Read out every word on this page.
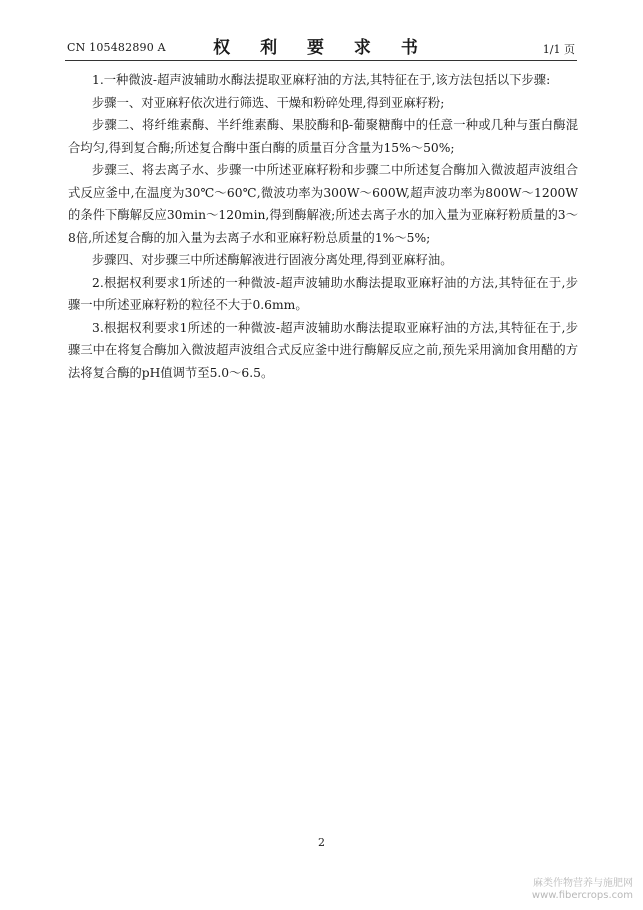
CN 105482890 A	权 利 要 求 书	1/1 页

1.一种微波-超声波辅助水酶法提取亚麻籽油的方法,其特征在于,该方法包括以下步骤:

步骤一、对亚麻籽依次进行筛选、干燥和粉碎处理,得到亚麻籽粉;

步骤二、将纤维素酶、半纤维素酶、果胶酶和β-葡聚糖酶中的任意一种或几种与蛋白酶混合均匀,得到复合酶;所述复合酶中蛋白酶的质量百分含量为15%～50%;

步骤三、将去离子水、步骤一中所述亚麻籽粉和步骤二中所述复合酶加入微波超声波组合式反应釜中,在温度为30℃～60℃,微波功率为300W～600W,超声波功率为800W～1200W的条件下酶解反应30min～120min,得到酶解液;所述去离子水的加入量为亚麻籽粉质量的3～8倍,所述复合酶的加入量为去离子水和亚麻籽粉总质量的1%～5%;

步骤四、对步骤三中所述酶解液进行固液分离处理,得到亚麻籽油。

2.根据权利要求1所述的一种微波-超声波辅助水酶法提取亚麻籽油的方法,其特征在于,步骤一中所述亚麻籽粉的粒径不大于0.6mm。

3.根据权利要求1所述的一种微波-超声波辅助水酶法提取亚麻籽油的方法,其特征在于,步骤三中在将复合酶加入微波超声波组合式反应釜中进行酶解反应之前,预先采用滴加食用醋的方法将复合酶的pH值调节至5.0～6.5。

2
麻类作物营养与施肥网
www.fibercrops.com
